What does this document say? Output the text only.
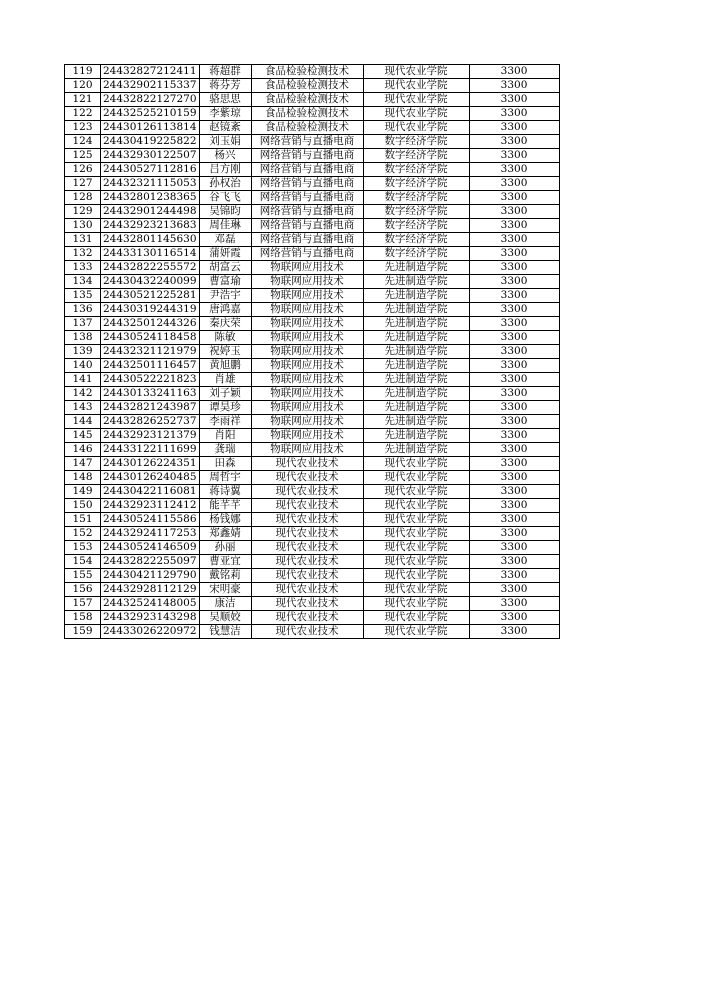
119	24432827212411	蒋超群	食品检验检测技术	现代农业学院	3300
120	24432902115337	蒋芬芳	食品检验检测技术	现代农业学院	3300
121	24432822127270	骆思思	食品检验检测技术	现代农业学院	3300
122	24432525210159	李紫琼	食品检验检测技术	现代农业学院	3300
123	24430126113814	赵镜紊	食品检验检测技术	现代农业学院	3300
124	24430419225822	刘玉娟	网络营销与直播电商	数字经济学院	3300
125	24432930122507	杨兴	网络营销与直播电商	数字经济学院	3300
126	24430527112816	吕方刚	网络营销与直播电商	数字经济学院	3300
127	24432321115053	孙权治	网络营销与直播电商	数字经济学院	3300
128	24432801238365	谷飞飞	网络营销与直播电商	数字经济学院	3300
129	24432901244498	吴锦昀	网络营销与直播电商	数字经济学院	3300
130	24432923213683	周佳琳	网络营销与直播电商	数字经济学院	3300
131	24432801145630	邓磊	网络营销与直播电商	数字经济学院	3300
132	24433130116514	蒲妍霞	网络营销与直播电商	数字经济学院	3300
133	24432822255572	胡富云	物联网应用技术	先进制造学院	3300
134	24430432240099	曹富瑜	物联网应用技术	先进制造学院	3300
135	24430521225281	尹浩宇	物联网应用技术	先进制造学院	3300
136	24430319244319	唐鸿嘉	物联网应用技术	先进制造学院	3300
137	24432501244326	秦庆荣	物联网应用技术	先进制造学院	3300
138	24430524118458	陈敏	物联网应用技术	先进制造学院	3300
139	24432321121979	祝婷玉	物联网应用技术	先进制造学院	3300
140	24432501116457	黄旭鹏	物联网应用技术	先进制造学院	3300
141	24430522221823	肖雄	物联网应用技术	先进制造学院	3300
142	24430133241163	刘子颖	物联网应用技术	先进制造学院	3300
143	24432821243987	谭昊珍	物联网应用技术	先进制造学院	3300
144	24432826252737	李雨祥	物联网应用技术	先进制造学院	3300
145	24432923121379	肖阳	物联网应用技术	先进制造学院	3300
146	24433122111699	龚瑞	物联网应用技术	先进制造学院	3300
147	24430126224351	田森	现代农业技术	现代农业学院	3300
148	24430126240485	周哲宇	现代农业技术	现代农业学院	3300
149	24430422116081	蒋诗翼	现代农业技术	现代农业学院	3300
150	24432923112412	能芊芊	现代农业技术	现代农业学院	3300
151	24430524115586	杨钱娜	现代农业技术	现代农业学院	3300
152	24432924117253	郑鑫婧	现代农业技术	现代农业学院	3300
153	24430524146509	孙丽	现代农业技术	现代农业学院	3300
154	24432822255097	曹亚宜	现代农业技术	现代农业学院	3300
155	24430421129790	戴铭莉	现代农业技术	现代农业学院	3300
156	24432928112129	宋明豪	现代农业技术	现代农业学院	3300
157	24432524148005	康洁	现代农业技术	现代农业学院	3300
158	24432923143298	吴顺姣	现代农业技术	现代农业学院	3300
159	24433026220972	钱慧洁	现代农业技术	现代农业学院	3300
